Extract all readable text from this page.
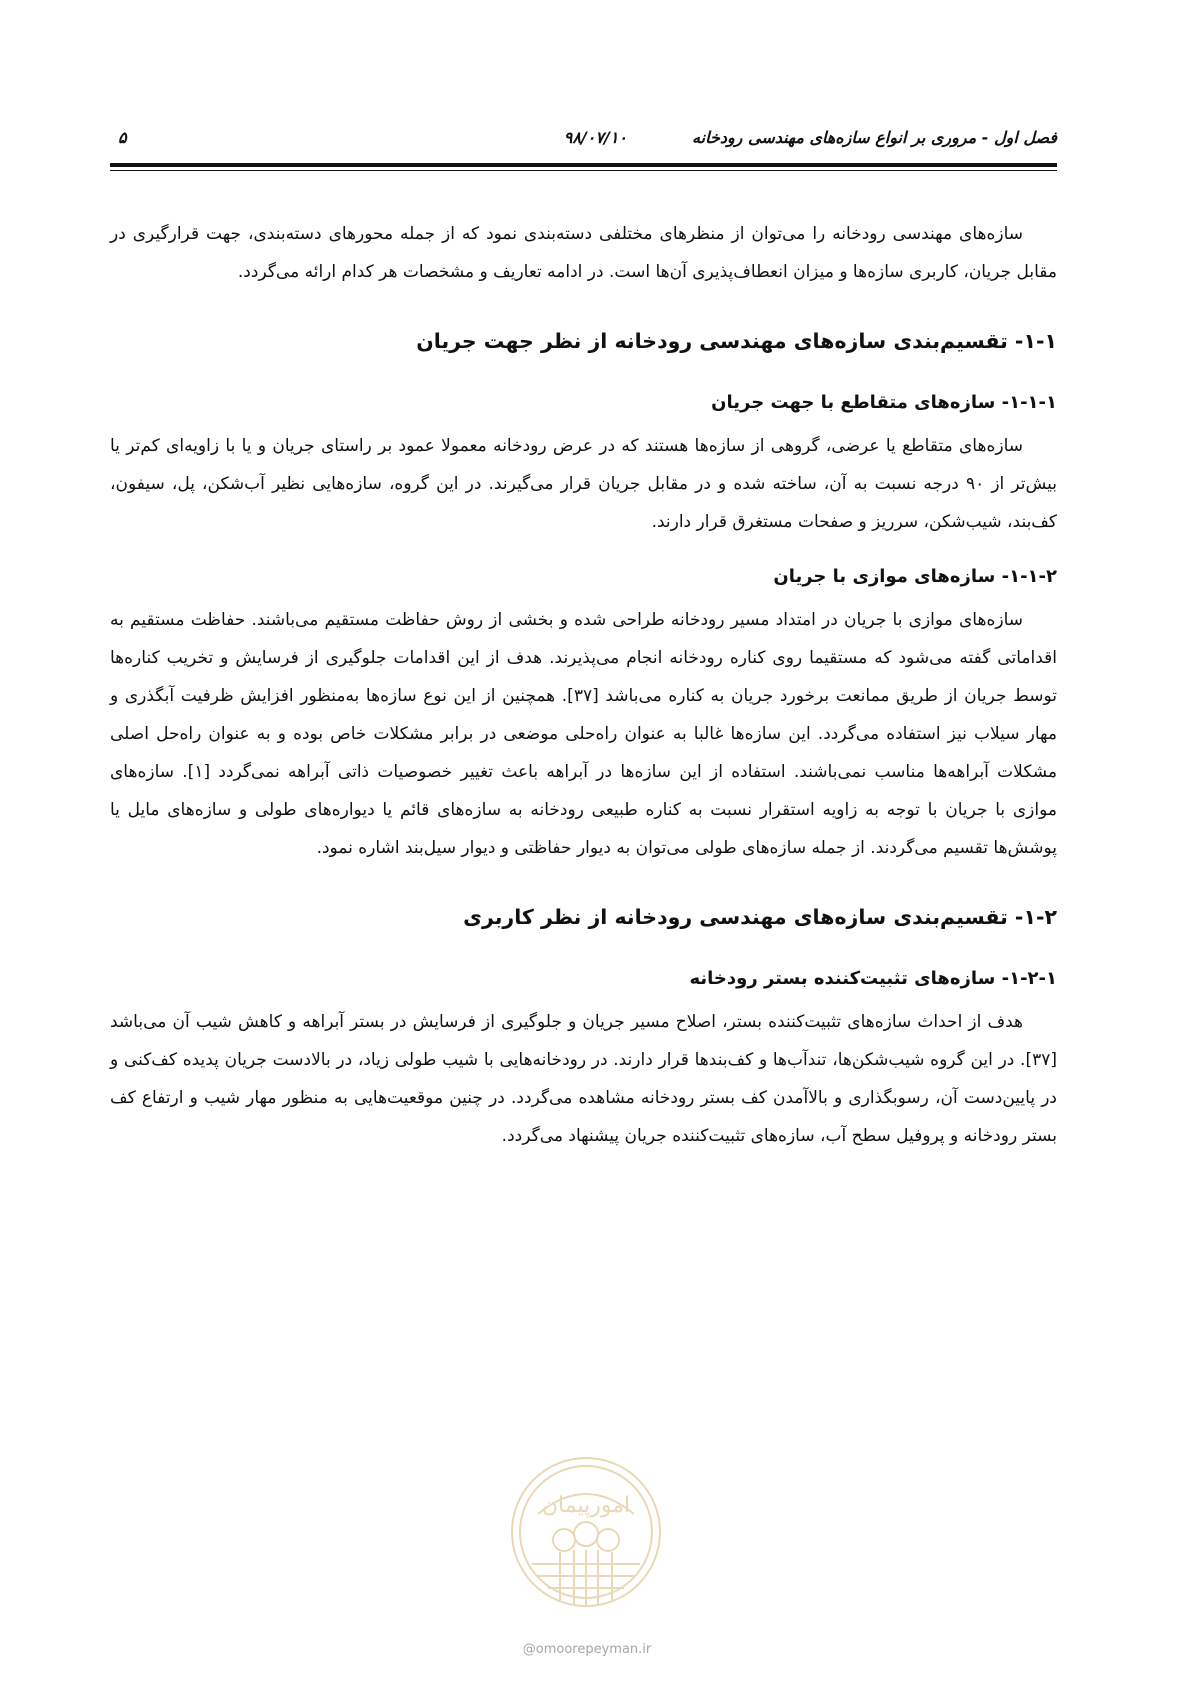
فصل اول - مروری بر انواع سازه‌های مهندسی رودخانه
۹۸/۰۷/۱۰
۵

سازه‌های مهندسی رودخانه را می‌توان از منظرهای مختلفی دسته‌بندی نمود که از جمله محورهای دسته‌بندی، جهت قرارگیری در مقابل جریان، کاربری سازه‌ها و میزان انعطاف‌پذیری آن‌ها است. در ادامه تعاریف و مشخصات هر کدام ارائه می‌گردد.

۱-۱- تقسیم‌بندی سازه‌های مهندسی رودخانه از نظر جهت جریان
۱-۱-۱- سازه‌های متقاطع با جهت جریان

سازه‌های متقاطع یا عرضی، گروهی از سازه‌ها هستند که در عرض رودخانه معمولا عمود بر راستای جریان و یا با زاویه‌ای کم‌تر یا بیش‌تر از ۹۰ درجه نسبت به آن، ساخته شده و در مقابل جریان قرار می‌گیرند. در این گروه، سازه‌هایی نظیر آب‌شکن، پل، سیفون، کف‌بند، شیب‌شکن، سرریز و صفحات مستغرق قرار دارند.

۱-۱-۲- سازه‌های موازی با جریان

سازه‌های موازی با جریان در امتداد مسیر رودخانه طراحی شده و بخشی از روش حفاظت مستقیم می‌باشند. حفاظت مستقیم به اقداماتی گفته می‌شود که مستقیما روی کناره رودخانه انجام می‌پذیرند. هدف از این اقدامات جلوگیری از فرسایش و تخریب کناره‌ها توسط جریان از طریق ممانعت برخورد جریان به کناره می‌باشد [۳۷]. همچنین از این نوع سازه‌ها به‌منظور افزایش ظرفیت آبگذری و مهار سیلاب نیز استفاده می‌گردد. این سازه‌ها غالبا به عنوان راه‌حلی موضعی در برابر مشکلات خاص بوده و به عنوان راه‌حل اصلی مشکلات آبراهه‌ها مناسب نمی‌باشند. استفاده از این سازه‌ها در آبراهه باعث تغییر خصوصیات ذاتی آبراهه نمی‌گردد [۱]. سازه‌های موازی با جریان با توجه به زاویه استقرار نسبت به کناره طبیعی رودخانه به سازه‌های قائم یا دیواره‌های طولی و سازه‌های مایل یا پوشش‌ها تقسیم می‌گردند. از جمله سازه‌های طولی می‌توان به دیوار حفاظتی و دیوار سیل‌بند اشاره نمود.

۱-۲- تقسیم‌بندی سازه‌های مهندسی رودخانه از نظر کاربری
۱-۲-۱- سازه‌های تثبیت‌کننده بستر رودخانه

هدف از احداث سازه‌های تثبیت‌کننده بستر، اصلاح مسیر جریان و جلوگیری از فرسایش در بستر آبراهه و کاهش شیب آن می‌باشد [۳۷]. در این گروه شیب‌شکن‌ها، تندآب‌ها و کف‌بندها قرار دارند. در رودخانه‌هایی با شیب طولی زیاد، در بالادست جریان پدیده کف‌کنی و در پایین‌دست آن، رسوبگذاری و بالاآمدن کف بستر رودخانه مشاهده می‌گردد. در چنین موقعیت‌هایی به منظور مهار شیب و ارتفاع کف بستر رودخانه و پروفیل سطح آب، سازه‌های تثبیت‌کننده جریان پیشنهاد می‌گردد.

امورپیمان
@omoorepeyman.ir
